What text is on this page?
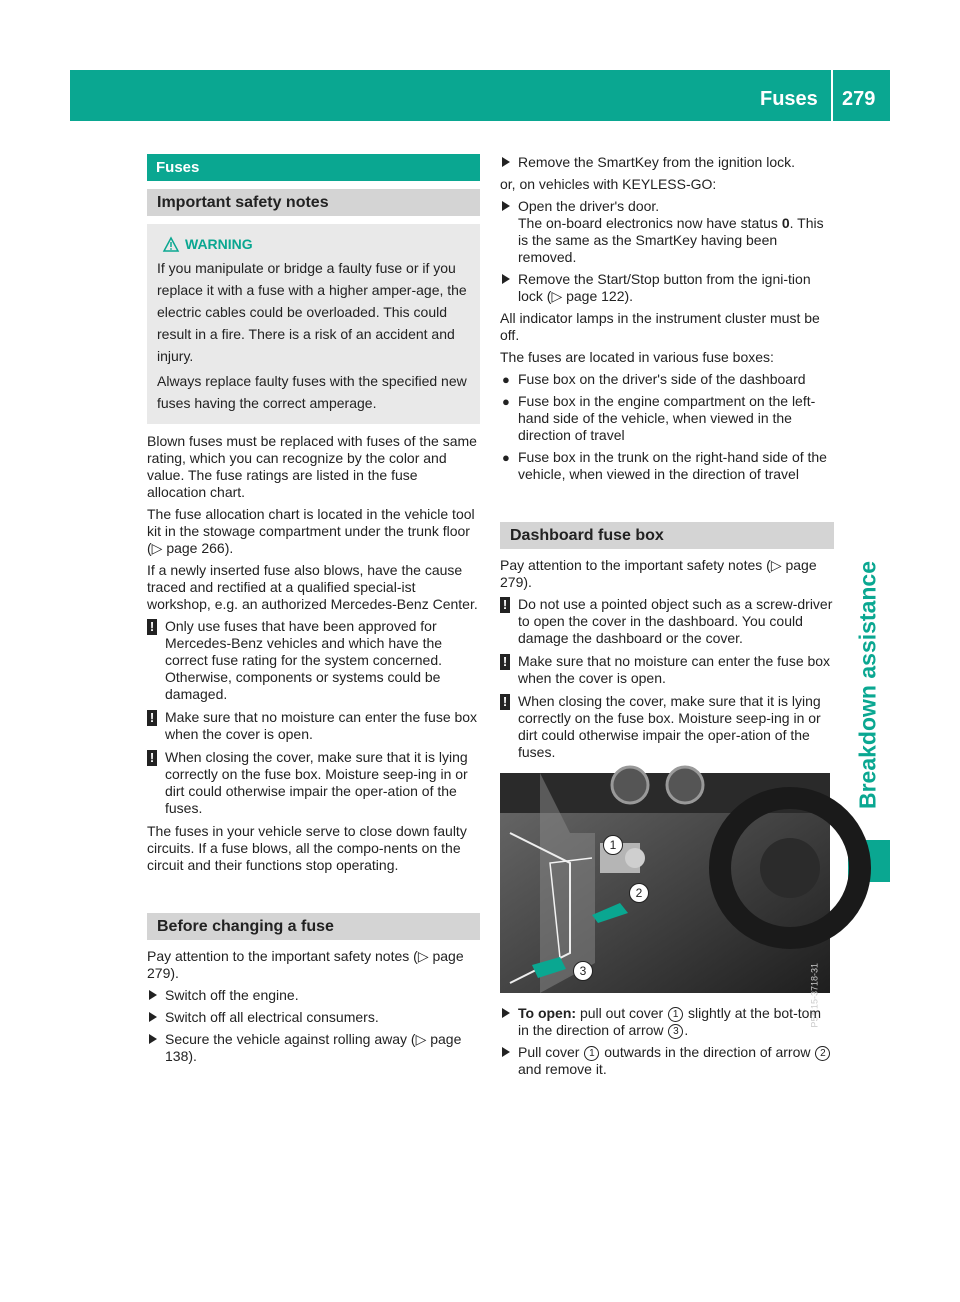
Fuses 279
Breakdown assistance
Fuses
Important safety notes
WARNING

If you manipulate or bridge a faulty fuse or if you replace it with a fuse with a higher amper-age, the electric cables could be overloaded. This could result in a fire. There is a risk of an accident and injury.

Always replace faulty fuses with the specified new fuses having the correct amperage.

Blown fuses must be replaced with fuses of the same rating, which you can recognize by the color and value. The fuse ratings are listed in the fuse allocation chart.

The fuse allocation chart is located in the vehicle tool kit in the stowage compartment under the trunk floor (▷ page 266).

If a newly inserted fuse also blows, have the cause traced and rectified at a qualified special-ist workshop, e.g. an authorized Mercedes-Benz Center.

! Only use fuses that have been approved for Mercedes-Benz vehicles and which have the correct fuse rating for the system concerned. Otherwise, components or systems could be damaged.
! Make sure that no moisture can enter the fuse box when the cover is open.
! When closing the cover, make sure that it is lying correctly on the fuse box. Moisture seep-ing in or dirt could otherwise impair the oper-ation of the fuses.

The fuses in your vehicle serve to close down faulty circuits. If a fuse blows, all the compo-nents on the circuit and their functions stop operating.

Before changing a fuse

Pay attention to the important safety notes (▷ page 279).

Switch off the engine.
Switch off all electrical consumers.
Secure the vehicle against rolling away (▷ page 138).
Remove the SmartKey from the ignition lock.

or, on vehicles with KEYLESS-GO:

Open the driver's door.
The on-board electronics now have status 0. This is the same as the SmartKey having been removed.
Remove the Start/Stop button from the igni-tion lock (▷ page 122).

All indicator lamps in the instrument cluster must be off.

The fuses are located in various fuse boxes:

● Fuse box on the driver's side of the dashboard
● Fuse box in the engine compartment on the left-hand side of the vehicle, when viewed in the direction of travel
● Fuse box in the trunk on the right-hand side of the vehicle, when viewed in the direction of travel
Dashboard fuse box

Pay attention to the important safety notes (▷ page 279).

! Do not use a pointed object such as a screw-driver to open the cover in the dashboard. You could damage the dashboard or the cover.
! Make sure that no moisture can enter the fuse box when the cover is open.
! When closing the cover, make sure that it is lying correctly on the fuse box. Moisture seep-ing in or dirt could otherwise impair the oper-ation of the fuses.
1
2
3	P54.15-3718-31
To open: pull out cover 1 slightly at the bot-tom in the direction of arrow 3 .
Pull cover 1 outwards in the direction of arrow 2 and remove it.
